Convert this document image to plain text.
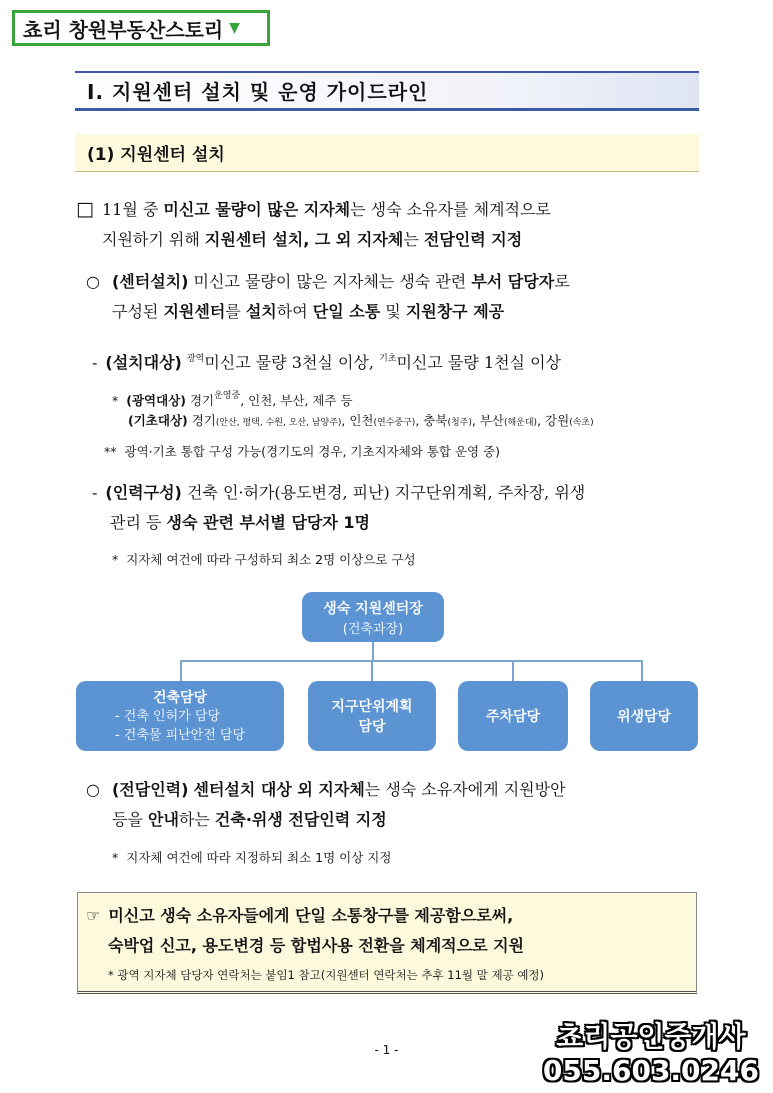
쵸리 창원부동산스토리 ▼
Ⅰ. 지원센터 설치 및 운영 가이드라인
(1) 지원센터 설치
□ 11월 중 미신고 물량이 많은 지자체는 생숙 소유자를 체계적으로
지원하기 위해 지원센터 설치, 그 외 지자체는 전담인력 지정
○ (센터설치) 미신고 물량이 많은 지자체는 생숙 관련 부서 담당자로
구성된 지원센터를 설치하여 단일 소통 및 지원창구 제공
- (설치대상) $^{광역}$미신고 물량 3천실 이상, $^{기초}$미신고 물량 1천실 이상
* (광역대상) 경기$^{운영중}$, 인천, 부산, 제주 등
(기초대상) 경기(안산, 평택, 수원, 오산, 남양주), 인천(연수중구), 충북(청주), 부산(해운대), 강원(속초)
** 광역·기초 통합 구성 가능(경기도의 경우, 기초지자체와 통합 운영 중)
- (인력구성) 건축 인·허가(용도변경, 피난) 지구단위계획, 주차장, 위생
관리 등 생숙 관련 부서별 담당자 1명
* 지자체 여건에 따라 구성하되 최소 2명 이상으로 구성
생숙 지원센터장
(건축과장)
건축담당
- 건축 인허가 담당
- 건축물 피난안전 담당
지구단위계획
담당
주차담당	위생담당
○ (전담인력) 센터설치 대상 외 지자체는 생숙 소유자에게 지원방안
등을 안내하는 건축·위생 전담인력 지정
* 지자체 여건에 따라 지정하되 최소 1명 이상 지정
☞ 미신고 생숙 소유자들에게 단일 소통창구를 제공함으로써,
숙박업 신고, 용도변경 등 합법사용 전환을 체계적으로 지원
* 광역 지자체 담당자 연락처는 붙임1 참고(지원센터 연락처는 추후 11월 말 제공 예정)
- 1 -	쵸리공인중개사
055.603.0246
